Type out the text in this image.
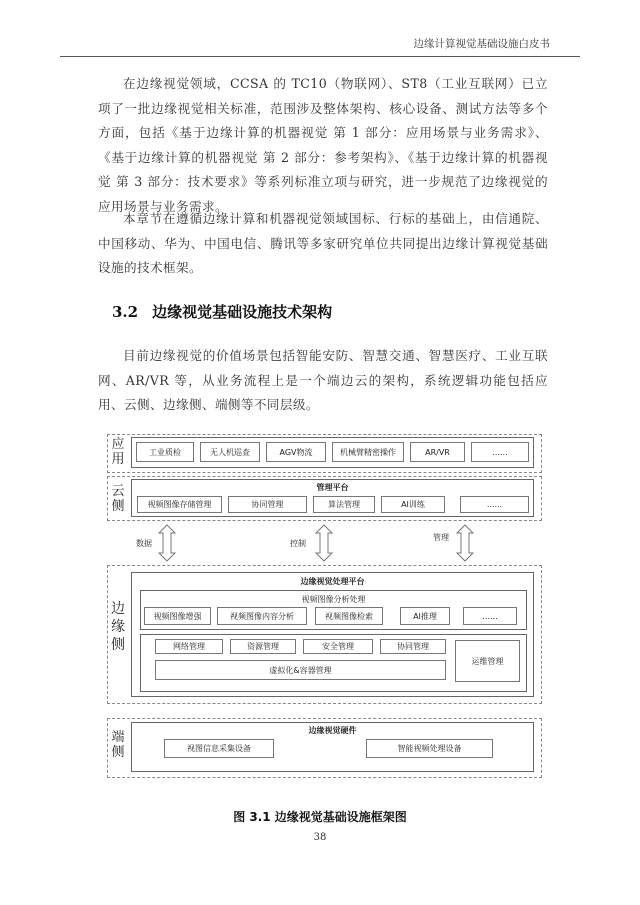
边缘计算视觉基础设施白皮书
在边缘视觉领域，CCSA 的 TC10（物联网）、ST8（工业互联网）已立项了一批边缘视觉相关标准，范围涉及整体架构、核心设备、测试方法等多个方面，包括《基于边缘计算的机器视觉 第 1 部分：应用场景与业务需求》、《基于边缘计算的机器视觉 第 2 部分：参考架构》、《基于边缘计算的机器视觉 第 3 部分：技术要求》等系列标准立项与研究，进一步规范了边缘视觉的应用场景与业务需求。
本章节在遵循边缘计算和机器视觉领域国标、行标的基础上，由信通院、中国移动、华为、中国电信、腾讯等多家研究单位共同提出边缘计算视觉基础设施的技术框架。
3.2 边缘视觉基础设施技术架构
目前边缘视觉的价值场景包括智能安防、智慧交通、智慧医疗、工业互联网、AR/VR 等，从业务流程上是一个端边云的架构，系统逻辑功能包括应用、云侧、边缘侧、端侧等不同层级。
应用	工业质检	无人机巡查	AGV物流	机械臂精密操作	AR/VR	......
云侧
管理平台
视频图像存储管理	协同管理	算法管理	AI训练	......
数据	控制
管理
边缘侧
边缘视觉处理平台
视频图像分析处理
视频图像增强	视频图像内容分析	视频图像检索	AI推理	......
网络管理	资源管理	安全管理	协同管理
虚拟化&容器管理
运维管理
端侧
边缘视觉硬件
视图信息采集设备	智能视频处理设备
图 3.1 边缘视觉基础设施框架图
38
